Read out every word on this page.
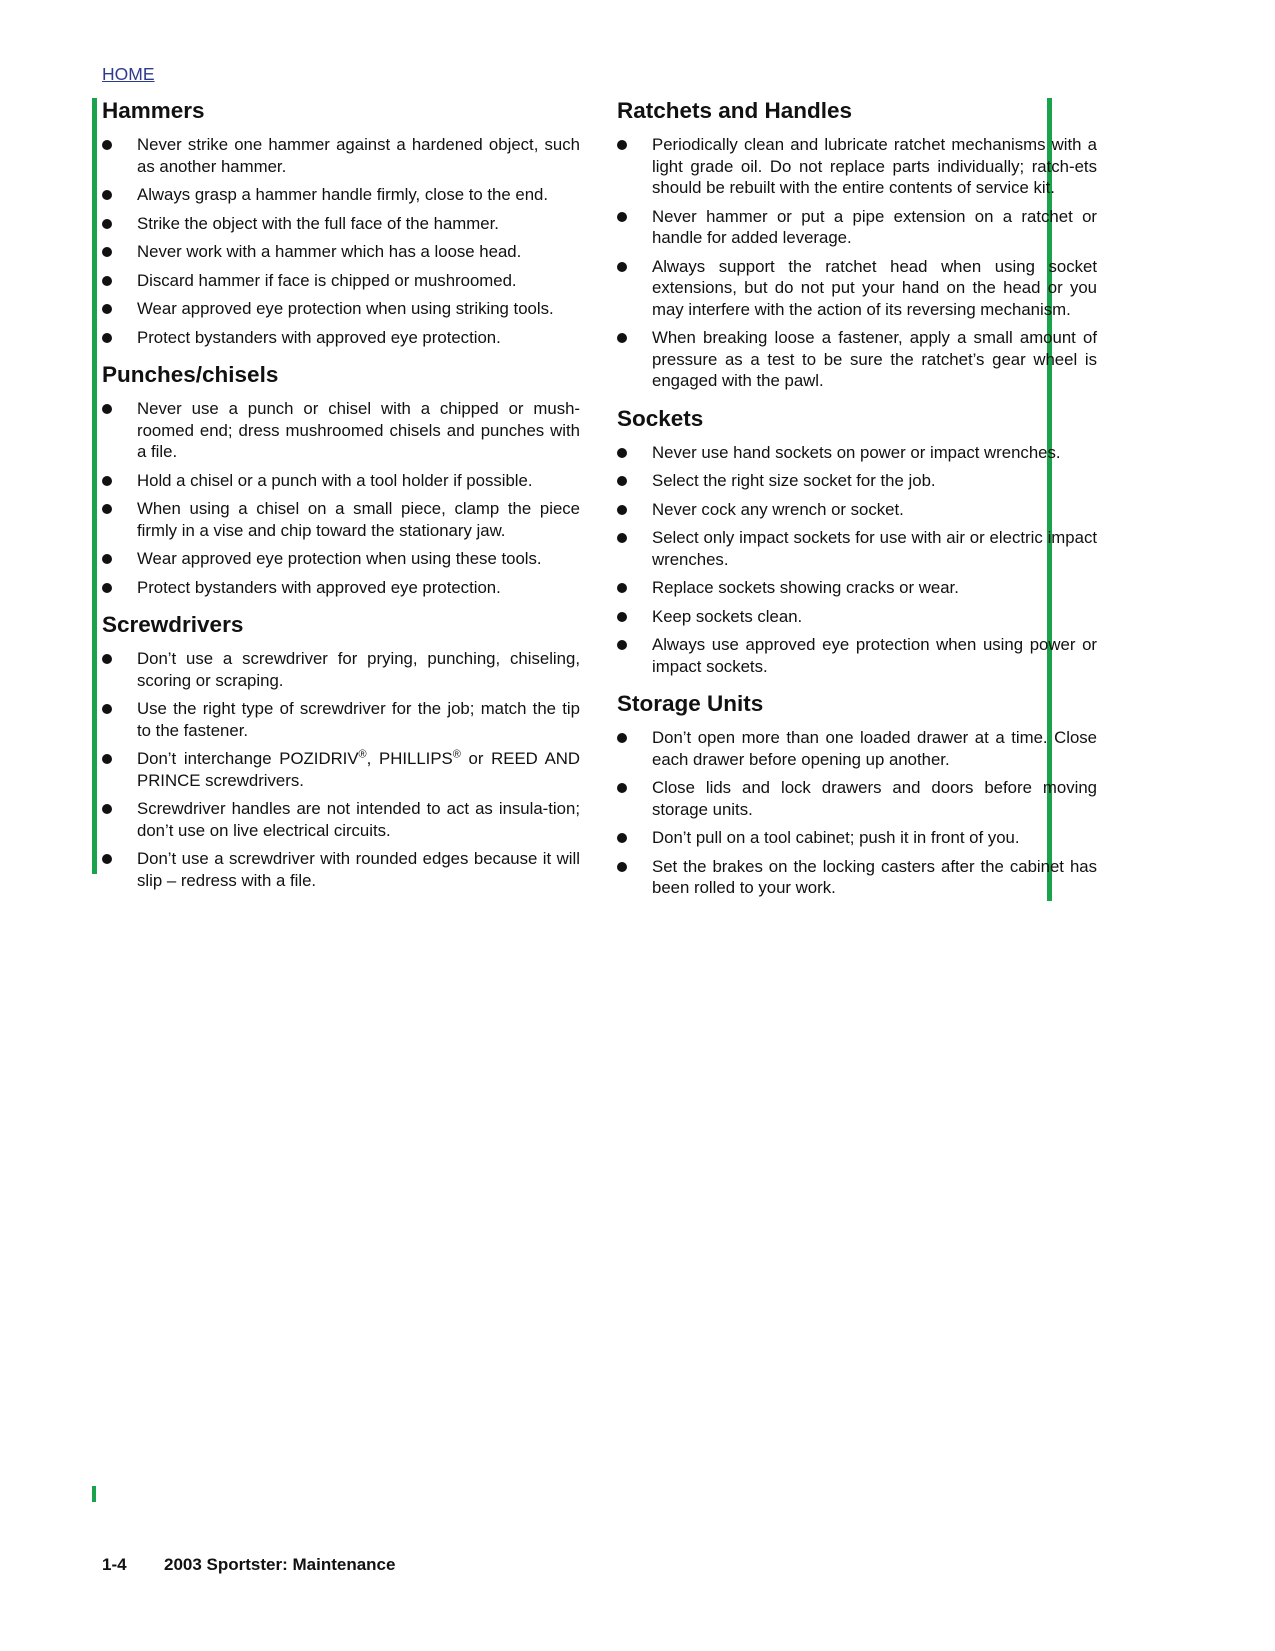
HOME
Hammers
Never strike one hammer against a hardened object, such as another hammer.
Always grasp a hammer handle firmly, close to the end.
Strike the object with the full face of the hammer.
Never work with a hammer which has a loose head.
Discard hammer if face is chipped or mushroomed.
Wear approved eye protection when using striking tools.
Protect bystanders with approved eye protection.
Punches/chisels
Never use a punch or chisel with a chipped or mush-roomed end; dress mushroomed chisels and punches with a file.
Hold a chisel or a punch with a tool holder if possible.
When using a chisel on a small piece, clamp the piece firmly in a vise and chip toward the stationary jaw.
Wear approved eye protection when using these tools.
Protect bystanders with approved eye protection.
Screwdrivers
Don’t use a screwdriver for prying, punching, chiseling, scoring or scraping.
Use the right type of screwdriver for the job; match the tip to the fastener.
Don’t interchange POZIDRIV®, PHILLIPS® or REED AND PRINCE screwdrivers.
Screwdriver handles are not intended to act as insula-tion; don’t use on live electrical circuits.
Don’t use a screwdriver with rounded edges because it will slip – redress with a file.
Ratchets and Handles
Periodically clean and lubricate ratchet mechanisms with a light grade oil. Do not replace parts individually; ratch-ets should be rebuilt with the entire contents of service kit.
Never hammer or put a pipe extension on a ratchet or handle for added leverage.
Always support the ratchet head when using socket extensions, but do not put your hand on the head or you may interfere with the action of its reversing mechanism.
When breaking loose a fastener, apply a small amount of pressure as a test to be sure the ratchet’s gear wheel is engaged with the pawl.
Sockets
Never use hand sockets on power or impact wrenches.
Select the right size socket for the job.
Never cock any wrench or socket.
Select only impact sockets for use with air or electric impact wrenches.
Replace sockets showing cracks or wear.
Keep sockets clean.
Always use approved eye protection when using power or impact sockets.
Storage Units
Don’t open more than one loaded drawer at a time. Close each drawer before opening up another.
Close lids and lock drawers and doors before moving storage units.
Don’t pull on a tool cabinet; push it in front of you.
Set the brakes on the locking casters after the cabinet has been rolled to your work.
1-4 2003 Sportster: Maintenance
